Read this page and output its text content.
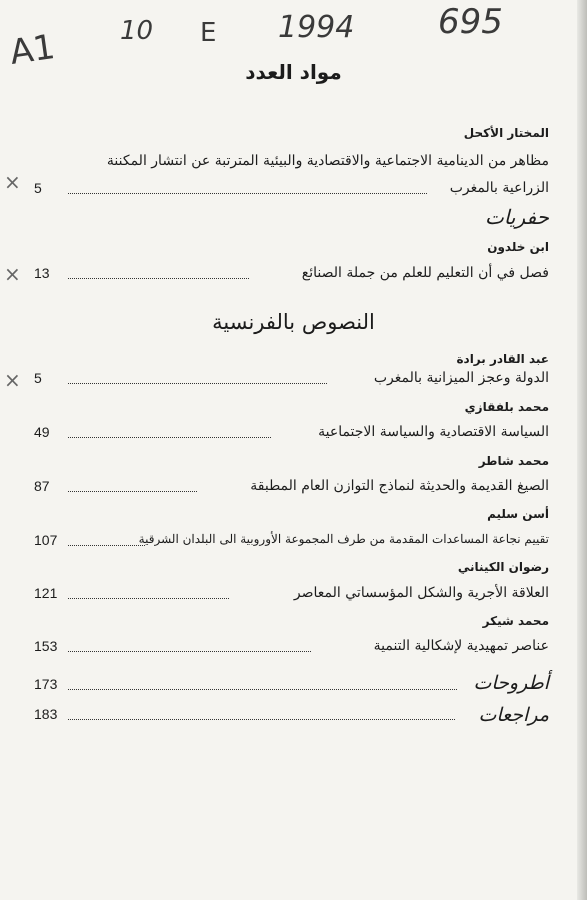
A1 10 E 1994 695
مواد العدد
المختار الأكحل
مظاهر من الدينامية الاجتماعية والاقتصادية والبيئية المترتبة عن انتشار المكننة
الزراعية بالمغرب
5
×
حفريات
ابن خلدون
فصل في أن التعليم للعلم من جملة الصنائع
13
×
النصوص بالفرنسية
عبد القادر برادة
الدولة وعجز الميزانية بالمغرب
5
×
محمد بلفقازي
السياسة الاقتصادية والسياسة الاجتماعية
49
محمد شاطر
الصيغ القديمة والحديثة لنماذج التوازن العام المطبقة
87
أسن سليم
تقييم نجاعة المساعدات المقدمة من طرف المجموعة الأوروبية الى البلدان الشرقية
107
رضوان الكيناني
العلاقة الأجرية والشكل المؤسساتي المعاصر
121
محمد شيكر
عناصر تمهيدية لإشكالية التنمية
153
أطروحات
173
مراجعات
183
